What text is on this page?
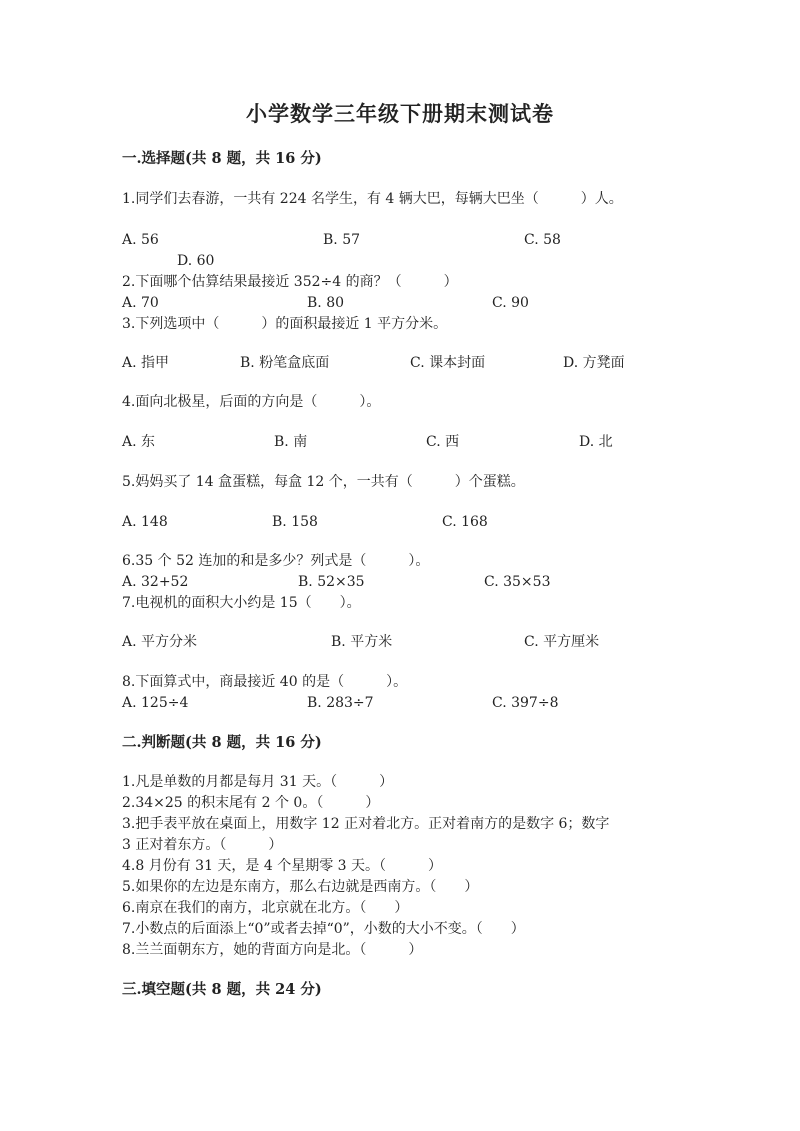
小学数学三年级下册期末测试卷
一.选择题(共 8 题，共 16 分)
1.同学们去春游，一共有 224 名学生，有 4 辆大巴，每辆大巴坐（　　　）人。
A. 56	B. 57	C. 58
D. 60
2.下面哪个估算结果最接近 352÷4 的商？（　　　）
A. 70	B. 80	C. 90
3.下列选项中（　　　）的面积最接近 1 平方分米。
A. 指甲	B. 粉笔盒底面	C. 课本封面	D. 方凳面
4.面向北极星，后面的方向是（　　　）。
A. 东	B. 南	C. 西	D. 北
5.妈妈买了 14 盒蛋糕，每盒 12 个，一共有（　　　）个蛋糕。
A. 148	B. 158	C. 168
6.35 个 52 连加的和是多少？列式是（　　　）。
A. 32+52	B. 52×35	C. 35×53
7.电视机的面积大小约是 15（　　）。
A. 平方分米	B. 平方米	C. 平方厘米
8.下面算式中，商最接近 40 的是（　　　）。
A. 125÷4	B. 283÷7	C. 397÷8
二.判断题(共 8 题，共 16 分)
1.凡是单数的月都是每月 31 天。（　　　）
2.34×25 的积末尾有 2 个 0。（　　　）
3.把手表平放在桌面上，用数字 12 正对着北方。正对着南方的是数字 6；数字
3 正对着东方。（　　　）
4.8 月份有 31 天，是 4 个星期零 3 天。（　　　）
5.如果你的左边是东南方，那么右边就是西南方。（　　）
6.南京在我们的南方，北京就在北方。（　　）
7.小数点的后面添上“0”或者去掉“0”，小数的大小不变。（　　）
8.兰兰面朝东方，她的背面方向是北。（　　　）
三.填空题(共 8 题，共 24 分)
